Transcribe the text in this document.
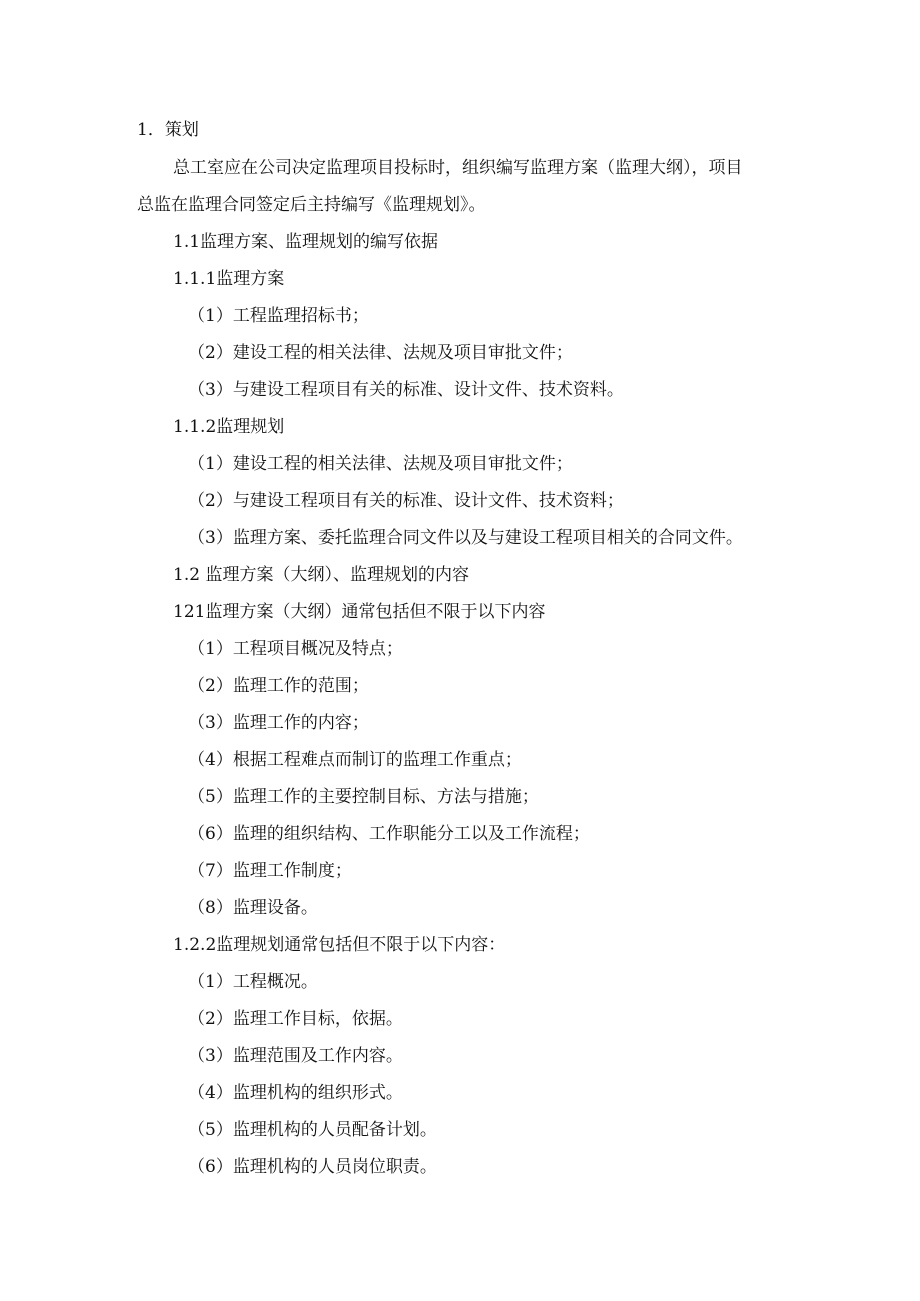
1．策划
总工室应在公司决定监理项目投标时，组织编写监理方案（监理大纲），项目
总监在监理合同签定后主持编写《监理规划》。
1.1监理方案、监理规划的编写依据
1.1.1监理方案
（1）工程监理招标书；
（2）建设工程的相关法律、法规及项目审批文件；
（3）与建设工程项目有关的标准、设计文件、技术资料。
1.1.2监理规划
（1）建设工程的相关法律、法规及项目审批文件；
（2）与建设工程项目有关的标准、设计文件、技术资料；
（3）监理方案、委托监理合同文件以及与建设工程项目相关的合同文件。
1.2 监理方案（大纲）、监理规划的内容
121监理方案（大纲）通常包括但不限于以下内容
（1）工程项目概况及特点；
（2）监理工作的范围；
（3）监理工作的内容；
（4）根据工程难点而制订的监理工作重点；
（5）监理工作的主要控制目标、方法与措施；
（6）监理的组织结构、工作职能分工以及工作流程；
（7）监理工作制度；
（8）监理设备。
1.2.2监理规划通常包括但不限于以下内容：
（1）工程概况。
（2）监理工作目标，依据。
（3）监理范围及工作内容。
（4）监理机构的组织形式。
（5）监理机构的人员配备计划。
（6）监理机构的人员岗位职责。
